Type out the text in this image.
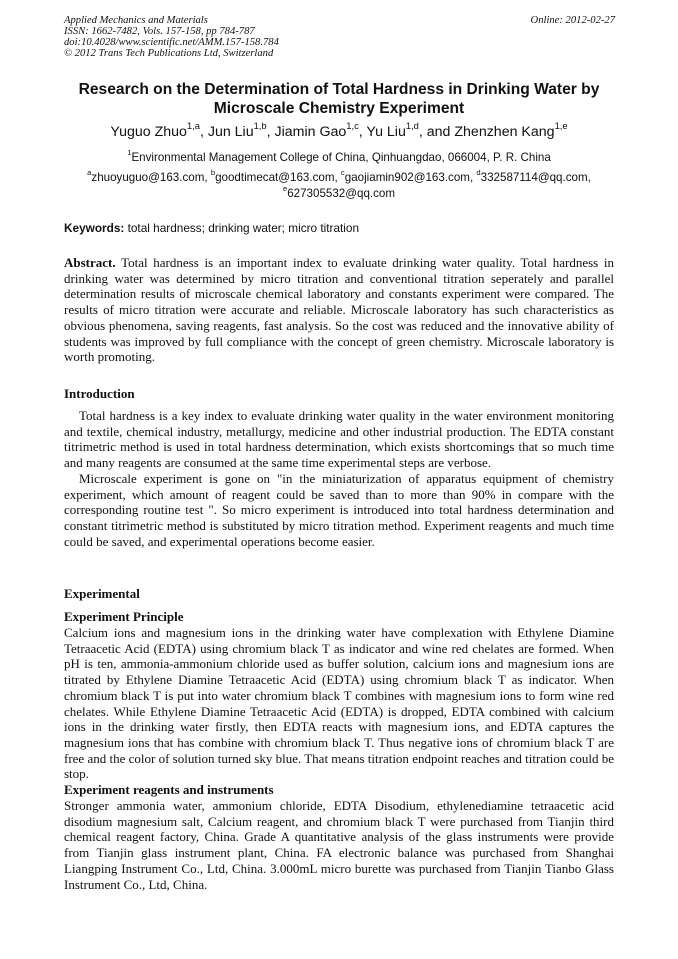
Applied Mechanics and Materials
ISSN: 1662-7482, Vols. 157-158, pp 784-787
doi:10.4028/www.scientific.net/AMM.157-158.784
© 2012 Trans Tech Publications Ltd, Switzerland
Online: 2012-02-27
Research on the Determination of Total Hardness in Drinking Water by Microscale Chemistry Experiment
Yuguo Zhuo$^{1,a}$, Jun Liu$^{1,b}$, Jiamin Gao$^{1,c}$, Yu Liu$^{1,d}$, and Zhenzhen Kang$^{1,e}$
$^1$Environmental Management College of China, Qinhuangdao, 066004, P. R. China
$^a$zhuoyuguo@163.com, $^b$goodtimecat@163.com, $^c$gaojiamin902@163.com, $^d$332587114@qq.com,
$^e$627305532@qq.com
Keywords: total hardness; drinking water; micro titration

Abstract. Total hardness is an important index to evaluate drinking water quality. Total hardness in drinking water was determined by micro titration and conventional titration seperately and parallel determination results of microscale chemical laboratory and constants experiment were compared. The results of micro titration were accurate and reliable. Microscale laboratory has such characteristics as obvious phenomena, saving reagents, fast analysis. So the cost was reduced and the innovative ability of students was improved by full compliance with the concept of green chemistry. Microscale laboratory is worth promoting.

Introduction

Total hardness is a key index to evaluate drinking water quality in the water environment monitoring and textile, chemical industry, metallurgy, medicine and other industrial production. The EDTA constant titrimetric method is used in total hardness determination, which exists shortcomings that so much time and many reagents are consumed at the same time experimental steps are verbose.

Microscale experiment is gone on "in the miniaturization of apparatus equipment of chemistry experiment, which amount of reagent could be saved than to more than 90% in compare with the corresponding routine test ". So micro experiment is introduced into total hardness determination and constant titrimetric method is substituted by micro titration method. Experiment reagents and much time could be saved, and experimental operations become easier.

Experimental
Experiment Principle

Calcium ions and magnesium ions in the drinking water have complexation with Ethylene Diamine Tetraacetic Acid (EDTA) using chromium black T as indicator and wine red chelates are formed. When pH is ten, ammonia-ammonium chloride used as buffer solution, calcium ions and magnesium ions are titrated by Ethylene Diamine Tetraacetic Acid (EDTA) using chromium black T as indicator. When chromium black T is put into water chromium black T combines with magnesium ions to form wine red chelates. While Ethylene Diamine Tetraacetic Acid (EDTA) is dropped, EDTA combined with calcium ions in the drinking water firstly, then EDTA reacts with magnesium ions, and EDTA captures the magnesium ions that has combine with chromium black T. Thus negative ions of chromium black T are free and the color of solution turned sky blue. That means titration endpoint reaches and titration could be stop.

Experiment reagents and instruments

Stronger ammonia water, ammonium chloride, EDTA Disodium, ethylenediamine tetraacetic acid disodium magnesium salt, Calcium reagent, and chromium black T were purchased from Tianjin third chemical reagent factory, China. Grade A quantitative analysis of the glass instruments were provide from Tianjin glass instrument plant, China. FA electronic balance was purchased from Shanghai Liangping Instrument Co., Ltd, China. 3.000mL micro burette was purchased from Tianjin Tianbo Glass Instrument Co., Ltd, China.
